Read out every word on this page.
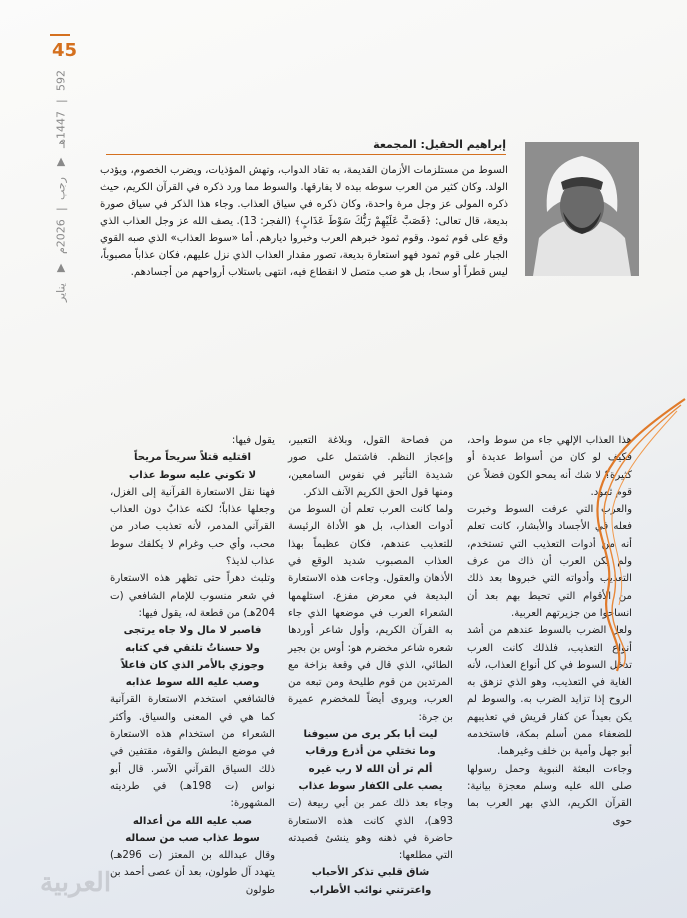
45
592
|
1447هـ
▼
رجب
|
2026م
▼
يناير
إبراهيم الحقيل: المجمعة
السوط من مستلزمات الأزمان القديمة، به تقاد الدواب، وتهش المؤذيات، ويضرب الخصوم، ويؤدب الولد. وكان كثير من العرب سوطه بيده لا يفارقها. والسوط مما ورد ذكره في القرآن الكريم، حيث ذكره المولى عز وجل مرة واحدة، وكان ذكره في سياق العذاب. وجاء هذا الذكر في سياق صورة بديعة، قال تعالى: ﴿فَصَبَّ عَلَيْهِمْ رَبُّكَ سَوْطَ عَذَابٍ﴾ (الفجر: 13). يصف الله عز وجل العذاب الذي وقع على قوم ثمود. وقوم ثمود خبرهم العرب وخبروا ديارهم. أما «سوط العذاب» الذي صبه القوي الجبار على قوم ثمود فهو استعارة بديعة، تصور مقدار العذاب الذي نزل عليهم، فكان عذاباً مصبوباً، ليس قطراً أو سحا، بل هو صب متصل لا انقطاع فيه، انتهى باستلاب أرواحهم من أجسادهم.

هذا العذاب الإلهي جاء من سوط واحد، فكيف لو كان من أسواط عديدة أو كثيرة؟ لا شك أنه يمحو الكون فضلاً عن قوم ثمود.

والعرب التي عرفت السوط وخبرت فعله في الأجساد والأبشار، كانت تعلم أنه من أدوات التعذيب التي تستخدم، ولم يكن العرب أن ذاك من عرف التعذيب وأدواته التي خبروها بعد ذلك من الأقوام التي تحيط بهم بعد أن انساحوا من جزيرتهم العربية.

ولعل الضرب بالسوط عندهم من أشد أنواع التعذيب، فلذلك كانت العرب تدخل السوط في كل أنواع العذاب، لأنه الغاية في التعذيب، وهو الذي تزهق به الروح إذا تزايد الضرب به. والسوط لم يكن بعيداً عن كفار قريش في تعذيبهم للضعفاء ممن أسلم بمكة، فاستخدمه أبو جهل وأمية بن خلف وغيرهما.

وجاءت البعثة النبوية وحمل رسولها صلى الله عليه وسلم معجزة بيانية: القرآن الكريم، الذي بهر العرب بما حوى

من فصاحة القول، وبلاغة التعبير، وإعجاز النظم. فاشتمل على صور شديدة التأثير في نفوس السامعين، ومنها قول الحق الكريم الآنف الذكر.

ولما كانت العرب تعلم أن السوط من أدوات العذاب، بل هو الأداة الرئيسة للتعذيب عندهم، فكان عظيماً بهذا العذاب المصبوب شديد الوقع في الأذهان والعقول. وجاءت هذه الاستعارة البديعة في معرض مفزع. استلهمها الشعراء العرب في موضعها الذي جاء به القرآن الكريم، وأول شاعر أوردها شعره شاعر مخضرم هو: أوس بن بجير الطائي، الذي قال في وقعة بزاخة مع المرتدين من قوم طليحة ومن تبعه من العرب، ويروى أيضاً للمخضرم عميرة بن جرة:

ليت أبا بكر يرى من سيوفنا

وما تختلي من أذرع ورقاب

ألم تر أن الله لا رب غيره

يصب على الكفار سوط عذاب

وجاء بعد ذلك عمر بن أبي ربيعة (ت 93هـ)، الذي كانت هذه الاستعارة حاضرة في ذهنه وهو ينشئ قصيدته التي مطلعها:

شاق قلبي تذكر الأحباب

واعترتني نوائب الأطراب

يقول فيها:

اقتليه قتلاً سريحاً مريحاً

لا تكوني عليه سوط عذاب

فهنا نقل الاستعارة القرآنية إلى الغزل، وجعلها عذاباً؛ لكنه عذابٌ دون العذاب القرآني المدمر، لأنه تعذيب صادر من محب، وأي حب وغرام لا يكلفك سوط عذاب لذيذ؟

وتلبث دهراً حتى تظهر هذه الاستعارة في شعر منسوب للإمام الشافعي (ت 204هـ) من قطعة له، يقول فيها:

فاصبر لا مال ولا جاه يرتجى

ولا حسناتٌ تلتقي في كتابه

وجوزي بالأمر الذي كان فاعلاً

وصب عليه الله سوط عذابه

فالشافعي استخدم الاستعارة القرآنية كما هي في المعنى والسياق. وأكثر الشعراء من استخدام هذه الاستعارة في موضع البطش والقوة، مقتفين في ذلك السياق القرآني الآسر. قال أبو نواس (ت 198هـ) في طرديته المشهورة:

صب عليه الله من أعداله

سوط عذاب صب من سماله

وقال عبدالله بن المعتز (ت 296هـ) يتهدد آل طولون، بعد أن عصى أحمد بن طولون

العربية
